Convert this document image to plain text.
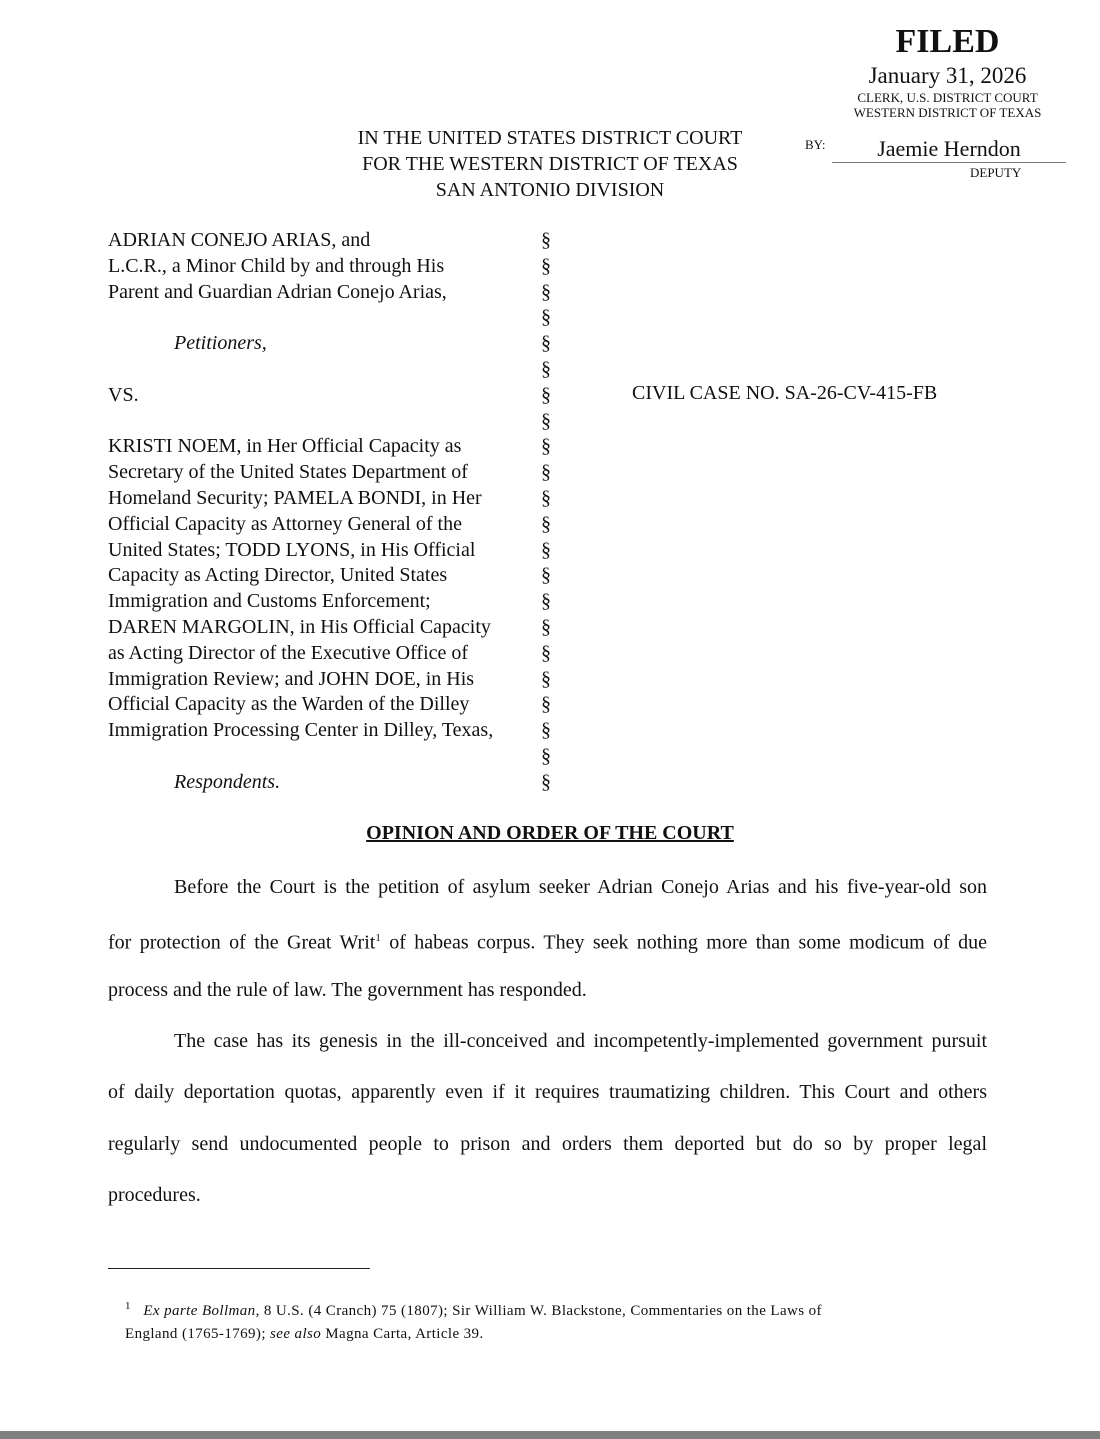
FILED
January 31, 2026
CLERK, U.S. DISTRICT COURT
WESTERN DISTRICT OF TEXAS
BY:	Jaemie Herndon
DEPUTY
IN THE UNITED STATES DISTRICT COURT
FOR THE WESTERN DISTRICT OF TEXAS
SAN ANTONIO DIVISION
ADRIAN CONEJO ARIAS, and
L.C.R., a Minor Child by and through His
Parent and Guardian Adrian Conejo Arias,
Petitioners,
VS.
KRISTI NOEM, in Her Official Capacity as
Secretary of the United States Department of
Homeland Security; PAMELA BONDI, in Her
Official Capacity as Attorney General of the
United States; TODD LYONS, in His Official
Capacity as Acting Director, United States
Immigration and Customs Enforcement;
DAREN MARGOLIN, in His Official Capacity
as Acting Director of the Executive Office of
Immigration Review; and JOHN DOE, in His
Official Capacity as the Warden of the Dilley
Immigration Processing Center in Dilley, Texas,
Respondents.
§
§
§
§
§
§
§
§
§
§
§
§
§
§
§
§
§
§
§
§
§
§
CIVIL CASE NO. SA-26-CV-415-FB
OPINION AND ORDER OF THE COURT
Before the Court is the petition of asylum seeker Adrian Conejo Arias and his five-year-old son
for protection of the Great Writ$^1$ of habeas corpus. They seek nothing more than some modicum of due
process and the rule of law. The government has responded.
The case has its genesis in the ill-conceived and incompetently-implemented government pursuit
of daily deportation quotas, apparently even if it requires traumatizing children. This Court and others
regularly send undocumented people to prison and orders them deported but do so by proper legal
procedures.
$^1$ Ex parte Bollman, 8 U.S. (4 Cranch) 75 (1807); Sir William W. Blackstone, Commentaries on the Laws of
England (1765-1769); see also Magna Carta, Article 39.
